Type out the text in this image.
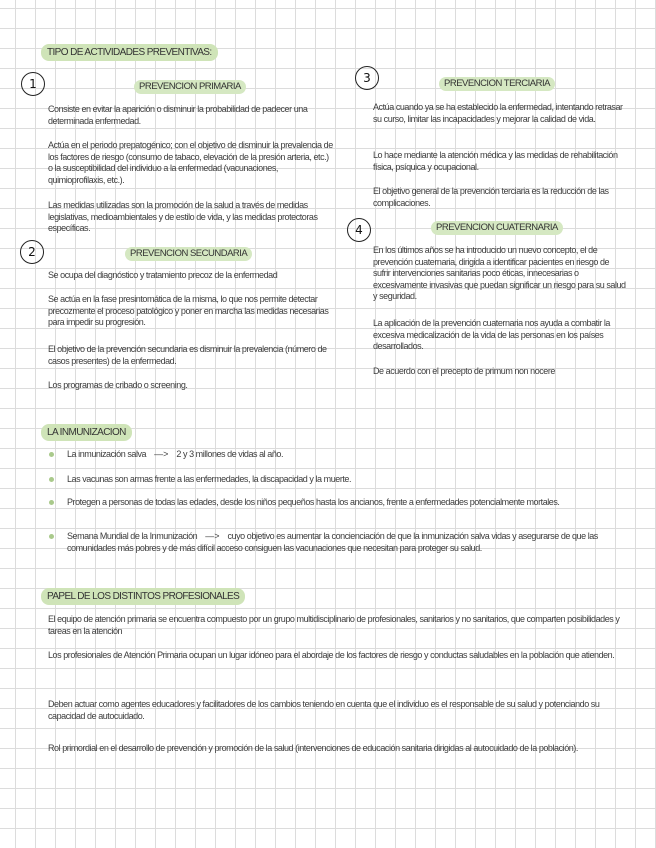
TIPO DE ACTIVIDADES PREVENTIVAS:
1	PREVENCION PRIMARIA

Consiste en evitar la aparición o disminuir la probabilidad de padecer una determinada enfermedad.

Actúa en el periodo prepatogénico; con el objetivo de disminuir la prevalencia de los factores de riesgo (consumo de tabaco, elevación de la presión arteria, etc.) o la susceptibilidad del individuo a la enfermedad (vacunaciones, quimioprofilaxis, etc.).

Las medidas utilizadas son la promoción de la salud a través de medidas legislativas, medioambientales y de estilo de vida, y las medidas protectoras específicas.

2	PREVENCION SECUNDARIA

Se ocupa del diagnóstico y tratamiento precoz de la enfermedad

Se actúa en la fase presintomática de la misma, lo que nos permite detectar precozmente el proceso patológico y poner en marcha las medidas necesarias para impedir su progresión.

El objetivo de la prevención secundaria es disminuir la prevalencia (número de casos presentes) de la enfermedad.

Los programas de cribado o screening.

3	PREVENCION TERCIARIA

Actúa cuando ya se ha establecido la enfermedad, intentando retrasar su curso, limitar las incapacidades y mejorar la calidad de vida.

Lo hace mediante la atención médica y las medidas de rehabilitación física, psíquica y ocupacional.

El objetivo general de la prevención terciaria es la reducción de las complicaciones.

4	PREVENCION CUATERNARIA

En los últimos años se ha introducido un nuevo concepto, el de prevención cuaternaria, dirigida a identificar pacientes en riesgo de sufrir intervenciones sanitarias poco éticas, innecesarias o excesivamente invasivas que puedan significar un riesgo para su salud y seguridad.

La aplicación de la prevención cuaternaria nos ayuda a combatir la excesiva medicalización de la vida de las personas en los países desarrollados.

De acuerdo con el precepto de primum non nocere

LA INMUNIZACION
La inmunización salva —> 2 y 3 millones de vidas al año.
Las vacunas son armas frente a las enfermedades, la discapacidad y la muerte.
Protegen a personas de todas las edades, desde los niños pequeños hasta los ancianos, frente a enfermedades potencialmente mortales.
Semana Mundial de la Inmunización —> cuyo objetivo es aumentar la concienciación de que la inmunización salva vidas y asegurarse de que las comunidades más pobres y de más difícil acceso consiguen las vacunaciones que necesitan para proteger su salud.
PAPEL DE LOS DISTINTOS PROFESIONALES

El equipo de atención primaria se encuentra compuesto por un grupo multidisciplinario de profesionales, sanitarios y no sanitarios, que comparten posibilidades y tareas en la atención

Los profesionales de Atención Primaria ocupan un lugar idóneo para el abordaje de los factores de riesgo y conductas saludables en la población que atienden.

Deben actuar como agentes educadores y facilitadores de los cambios teniendo en cuenta que el individuo es el responsable de su salud y potenciando su capacidad de autocuidado.

Rol primordial en el desarrollo de prevención y promoción de la salud (intervenciones de educación sanitaria dirigidas al autocuidado de la población).
